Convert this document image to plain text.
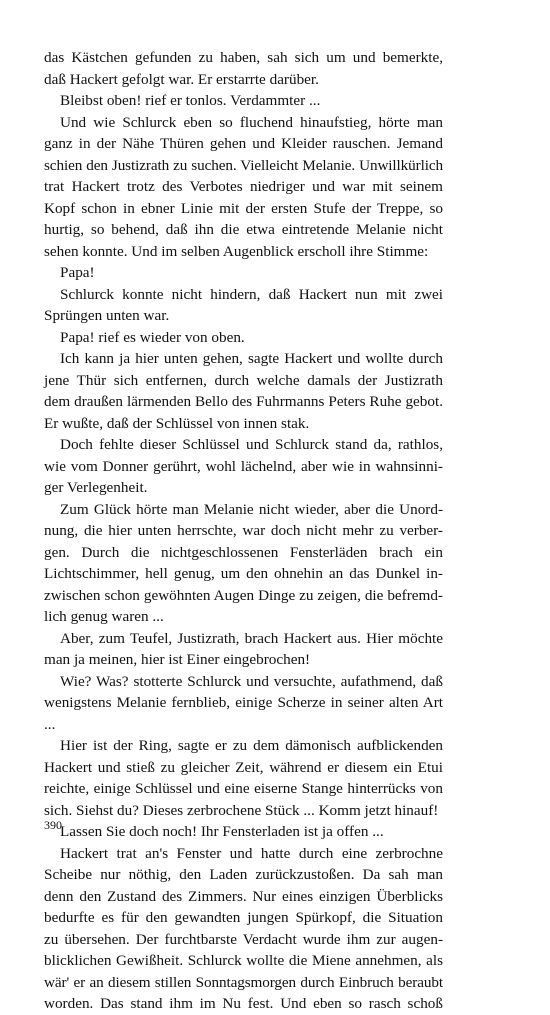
das Kästchen gefunden zu haben, sah sich um und bemerkte,
daß Hackert gefolgt war. Er erstarrte darüber.
Bleibst oben! rief er tonlos. Verdammter ...
Und wie Schlurck eben so fluchend hinaufstieg, hörte man
ganz in der Nähe Thüren gehen und Kleider rauschen. Jemand
schien den Justizrath zu suchen. Vielleicht Melanie. Unwillkürlich
trat Hackert trotz des Verbotes niedriger und war mit seinem
Kopf schon in ebner Linie mit der ersten Stufe der Treppe, so
hurtig, so behend, daß ihn die etwa eintretende Melanie nicht
sehen konnte. Und im selben Augenblick erscholl ihre Stimme:
Papa!
Schlurck konnte nicht hindern, daß Hackert nun mit zwei
Sprüngen unten war.
Papa! rief es wieder von oben.
Ich kann ja hier unten gehen, sagte Hackert und wollte durch
jene Thür sich entfernen, durch welche damals der Justizrath
dem draußen lärmenden Bello des Fuhrmanns Peters Ruhe gebot.
Er wußte, daß der Schlüssel von innen stak.
Doch fehlte dieser Schlüssel und Schlurck stand da, rathlos,
wie vom Donner gerührt, wohl lächelnd, aber wie in wahnsinni-
ger Verlegenheit.
Zum Glück hörte man Melanie nicht wieder, aber die Unord-
nung, die hier unten herrschte, war doch nicht mehr zu verber-
gen. Durch die nichtgeschlossenen Fensterläden brach ein
Lichtschimmer, hell genug, um den ohnehin an das Dunkel in-
zwischen schon gewöhnten Augen Dinge zu zeigen, die befremd-
lich genug waren ...
Aber, zum Teufel, Justizrath, brach Hackert aus. Hier möchte
man ja meinen, hier ist Einer eingebrochen!
Wie? Was? stotterte Schlurck und versuchte, aufathmend, daß
wenigstens Melanie fernblieb, einige Scherze in seiner alten Art
...
Hier ist der Ring, sagte er zu dem dämonisch aufblickenden
Hackert und stieß zu gleicher Zeit, während er diesem ein Etui
reichte, einige Schlüssel und eine eiserne Stange hinterrücks von
sich. Siehst du? Dieses zerbrochene Stück ... Komm jetzt hinauf!
Lassen Sie doch noch! Ihr Fensterladen ist ja offen ...
Hackert trat an's Fenster und hatte durch eine zerbrochne
Scheibe nur nöthig, den Laden zurückzustoßen. Da sah man
denn den Zustand des Zimmers. Nur eines einzigen Überblicks
bedurfte es für den gewandten jungen Spürkopf, die Situation
zu übersehen. Der furchtbarste Verdacht wurde ihm zur augen-
blicklichen Gewißheit. Schlurck wollte die Miene annehmen, als
wär' er an diesem stillen Sonntagsmorgen durch Einbruch beraubt
worden. Das stand ihm im Nu fest. Und eben so rasch schoß
390
